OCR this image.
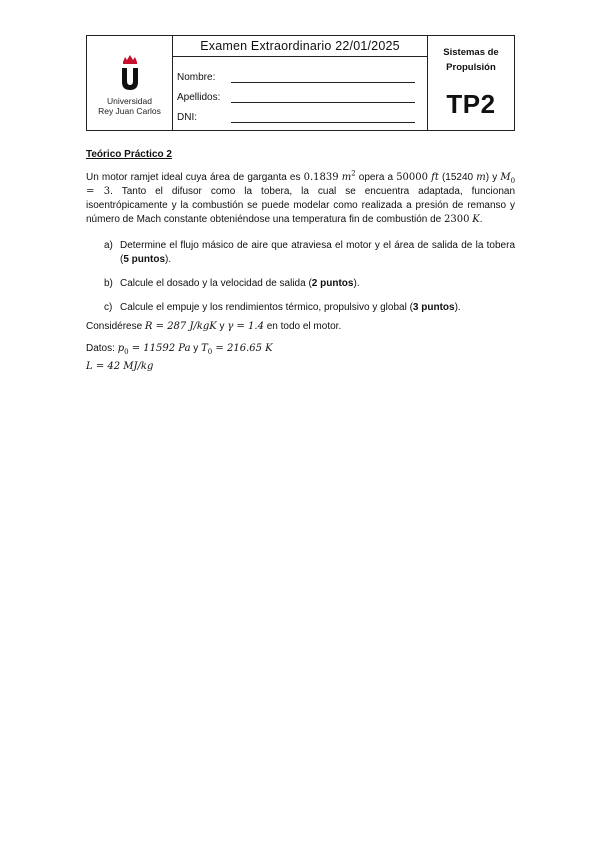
Universidad
Rey Juan Carlos
Examen Extraordinario 22/01/2025
Nombre:
Apellidos:
DNI:
Sistemas de
Propulsión
TP2

Teórico Práctico 2

Un motor ramjet ideal cuya área de garganta es 0.1839 $m^2$ opera a 50000 ft (15240 m) y $M_0 = 3$. Tanto el difusor como la tobera, la cual se encuentra adaptada, funcionan isoentrópicamente y la combustión se puede modelar como realizada a presión de remanso y número de Mach constante obteniéndose una temperatura fin de combustión de 2300 K.

a) Determine el flujo másico de aire que atraviesa el motor y el área de salida de la tobera (5 puntos).
b) Calcule el dosado y la velocidad de salida (2 puntos).
c) Calcule el empuje y los rendimientos térmico, propulsivo y global (3 puntos).

Considérese R = 287 J/kgK y γ = 1.4 en todo el motor.

Datos: $p_0 = 11592$ Pa y $T_0 = 216.65$ K

L = 42 MJ/kg
